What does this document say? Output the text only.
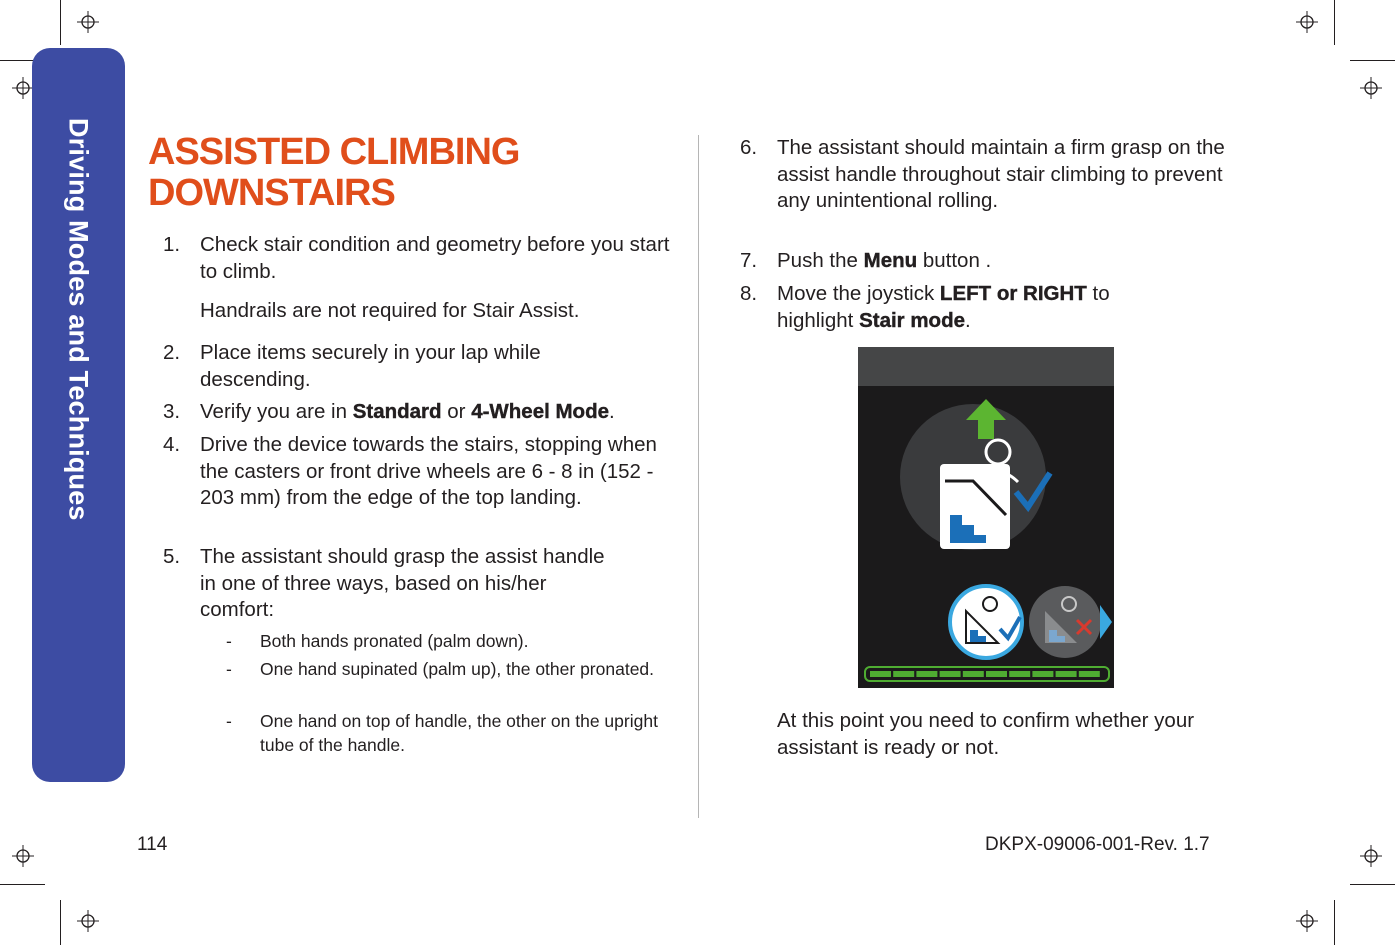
Driving Modes and Techniques ASSISTED CLIMBING DOWNSTAIRS
1. Check stair condition and geometry before you start to climb.
Handrails are not required for Stair Assist.
2. Place items securely in your lap while descending.
3. Verify you are in Standard or 4-Wheel Mode.
4. Drive the device towards the stairs, stopping when the casters or front drive wheels are 6 - 8 in (152 - 203 mm) from the edge of the top landing.
5. The assistant should grasp the assist handle in one of three ways, based on his/her comfort:
- Both hands pronated (palm down).
- One hand supinated (palm up), the other pronated.
- One hand on top of handle, the other on the upright tube of the handle.
6. The assistant should maintain a firm grasp on the assist handle throughout stair climbing to prevent any unintentional rolling.
7. Push the Menu button .
8. Move the joystick LEFT or RIGHT to highlight Stair mode.
At this point you need to confirm whether your assistant is ready or not.
114	DKPX-09006-001-Rev. 1.7
